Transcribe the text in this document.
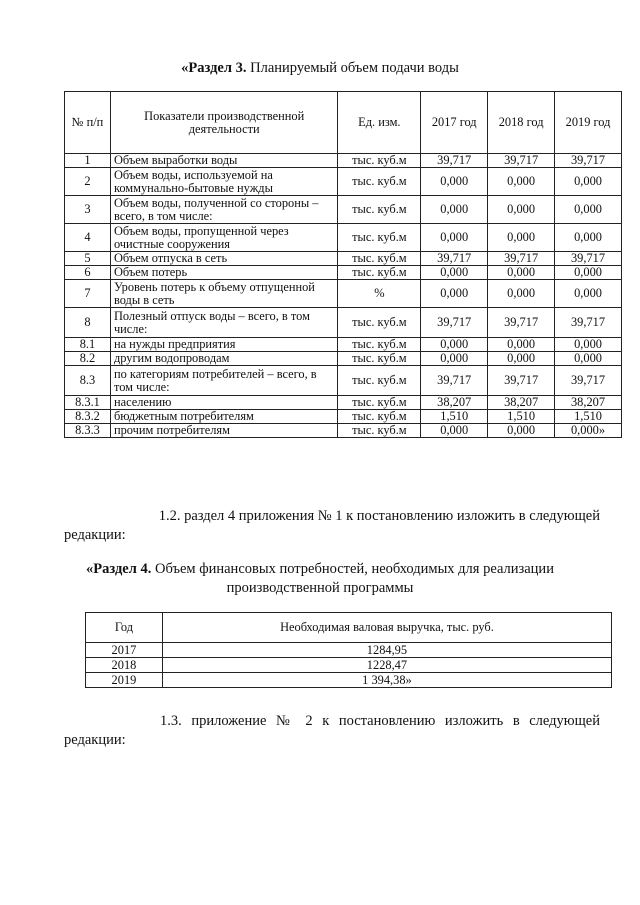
«Раздел 3. Планируемый объем подачи воды
№ п/п	Показатели производственной деятельности	Ед. изм.	2017 год	2018 год	2019 год
1	Объем выработки воды	тыс. куб.м	39,717	39,717	39,717
2	Объем воды, используемой на коммунально-бытовые нужды	тыс. куб.м	0,000	0,000	0,000
3	Объем воды, полученной со стороны – всего, в том числе:	тыс. куб.м	0,000	0,000	0,000
4	Объем воды, пропущенной через очистные сооружения	тыс. куб.м	0,000	0,000	0,000
5	Объем отпуска в сеть	тыс. куб.м	39,717	39,717	39,717
6	Объем потерь	тыс. куб.м	0,000	0,000	0,000
7	Уровень потерь к объему отпущенной воды в сеть	%	0,000	0,000	0,000
8	Полезный отпуск воды – всего, в том числе:	тыс. куб.м	39,717	39,717	39,717
8.1	на нужды предприятия	тыс. куб.м	0,000	0,000	0,000
8.2	другим водопроводам	тыс. куб.м	0,000	0,000	0,000
8.3	по категориям потребителей – всего, в том числе:	тыс. куб.м	39,717	39,717	39,717
8.3.1	населению	тыс. куб.м	38,207	38,207	38,207
8.3.2	бюджетным потребителям	тыс. куб.м	1,510	1,510	1,510
8.3.3	прочим потребителям	тыс. куб.м	0,000	0,000	0,000»
1.2. раздел 4 приложения № 1 к постановлению изложить в следующей
редакции:
«Раздел 4. Объем финансовых потребностей, необходимых для реализации
производственной программы
Год	Необходимая валовая выручка, тыс. руб.
2017	1284,95
2018	1228,47
2019	1 394,38»
1.3. приложение № 2 к постановлению изложить в следующей
редакции:
